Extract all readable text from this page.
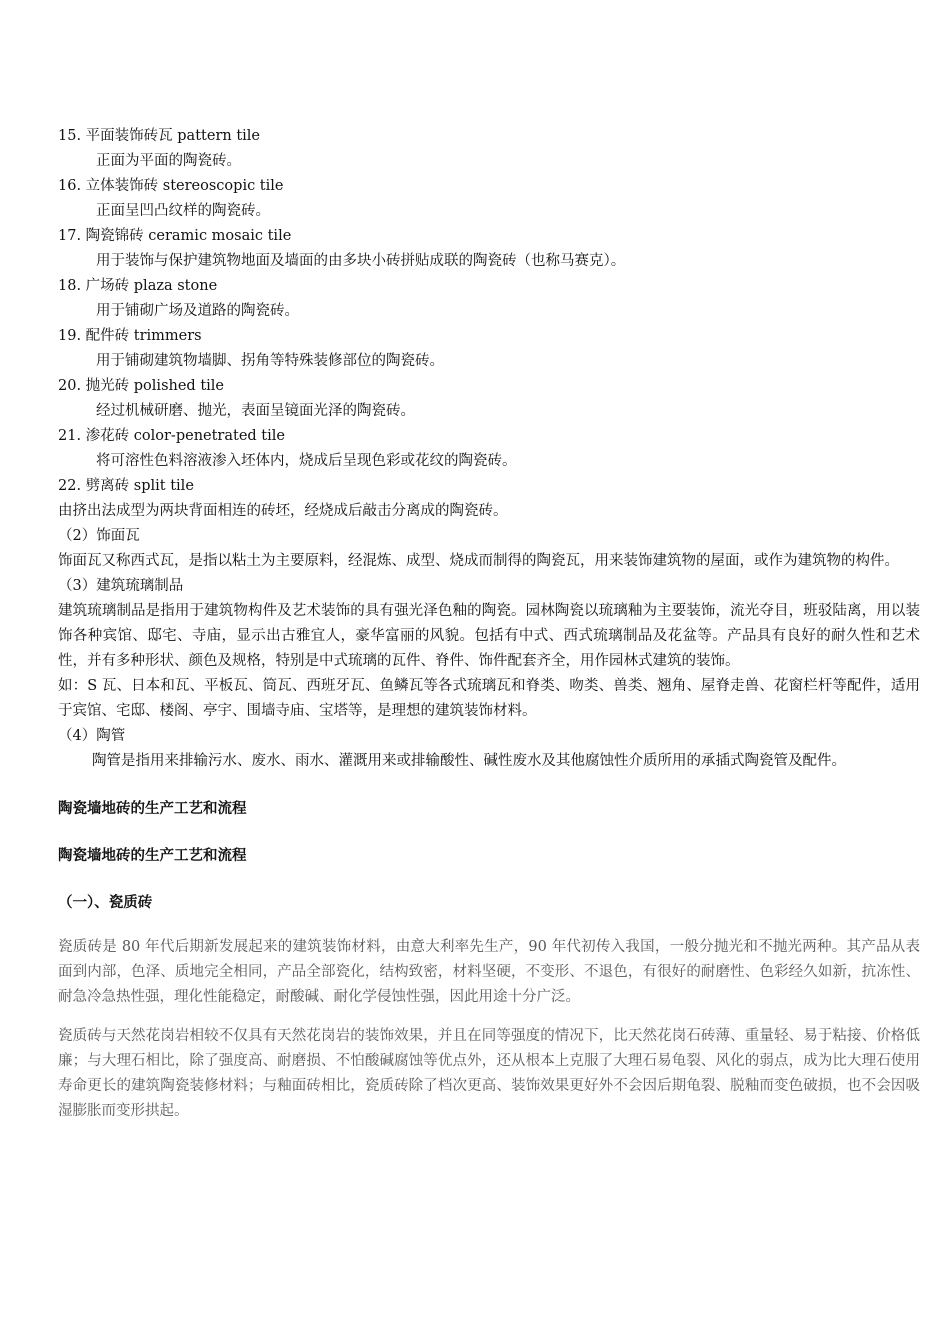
15. 平面装饰砖瓦 pattern tile

正面为平面的陶瓷砖。

16. 立体装饰砖 stereoscopic tile

正面呈凹凸纹样的陶瓷砖。

17. 陶瓷锦砖 ceramic mosaic tile

用于装饰与保护建筑物地面及墙面的由多块小砖拼贴成联的陶瓷砖（也称马赛克）。

18. 广场砖 plaza stone

用于铺砌广场及道路的陶瓷砖。

19. 配件砖 trimmers

用于铺砌建筑物墙脚、拐角等特殊装修部位的陶瓷砖。

20. 抛光砖 polished tile

经过机械研磨、抛光，表面呈镜面光泽的陶瓷砖。

21. 渗花砖 color-penetrated tile

将可溶性色料溶液渗入坯体内，烧成后呈现色彩或花纹的陶瓷砖。

22. 劈离砖 split tile

由挤出法成型为两块背面相连的砖坯，经烧成后敲击分离成的陶瓷砖。

（2）饰面瓦

饰面瓦又称西式瓦，是指以粘土为主要原料，经混炼、成型、烧成而制得的陶瓷瓦，用来装饰建筑物的屋面，或作为建筑物的构件。

（3）建筑琉璃制品

建筑琉璃制品是指用于建筑物构件及艺术装饰的具有强光泽色釉的陶瓷。园林陶瓷以琉璃釉为主要装饰，流光夺目，班驳陆离，用以装饰各种宾馆、邸宅、寺庙，显示出古雅宜人，豪华富丽的风貌。包括有中式、西式琉璃制品及花盆等。产品具有良好的耐久性和艺术性，并有多种形状、颜色及规格，特别是中式琉璃的瓦件、脊件、饰件配套齐全，用作园林式建筑的装饰。

如：S 瓦、日本和瓦、平板瓦、筒瓦、西班牙瓦、鱼鳞瓦等各式琉璃瓦和脊类、吻类、兽类、翘角、屋脊走兽、花窗栏杆等配件，适用于宾馆、宅邸、楼阁、亭宇、围墙寺庙、宝塔等，是理想的建筑装饰材料。

（4）陶管

陶管是指用来排输污水、废水、雨水、灌溉用来或排输酸性、碱性废水及其他腐蚀性介质所用的承插式陶瓷管及配件。

陶瓷墙地砖的生产工艺和流程

陶瓷墙地砖的生产工艺和流程

（一）、瓷质砖

瓷质砖是 80 年代后期新发展起来的建筑装饰材料，由意大利率先生产，90 年代初传入我国，一般分抛光和不抛光两种。其产品从表面到内部，色泽、质地完全相同，产品全部瓷化，结构致密，材料坚硬，不变形、不退色，有很好的耐磨性、色彩经久如新，抗冻性、耐急冷急热性强，理化性能稳定，耐酸碱、耐化学侵蚀性强，因此用途十分广泛。

瓷质砖与天然花岗岩相较不仅具有天然花岗岩的装饰效果，并且在同等强度的情况下，比天然花岗石砖薄、重量轻、易于粘接、价格低廉；与大理石相比，除了强度高、耐磨损、不怕酸碱腐蚀等优点外，还从根本上克服了大理石易龟裂、风化的弱点，成为比大理石使用寿命更长的建筑陶瓷装修材料；与釉面砖相比，瓷质砖除了档次更高、装饰效果更好外不会因后期龟裂、脱釉而变色破损，也不会因吸湿膨胀而变形拱起。
